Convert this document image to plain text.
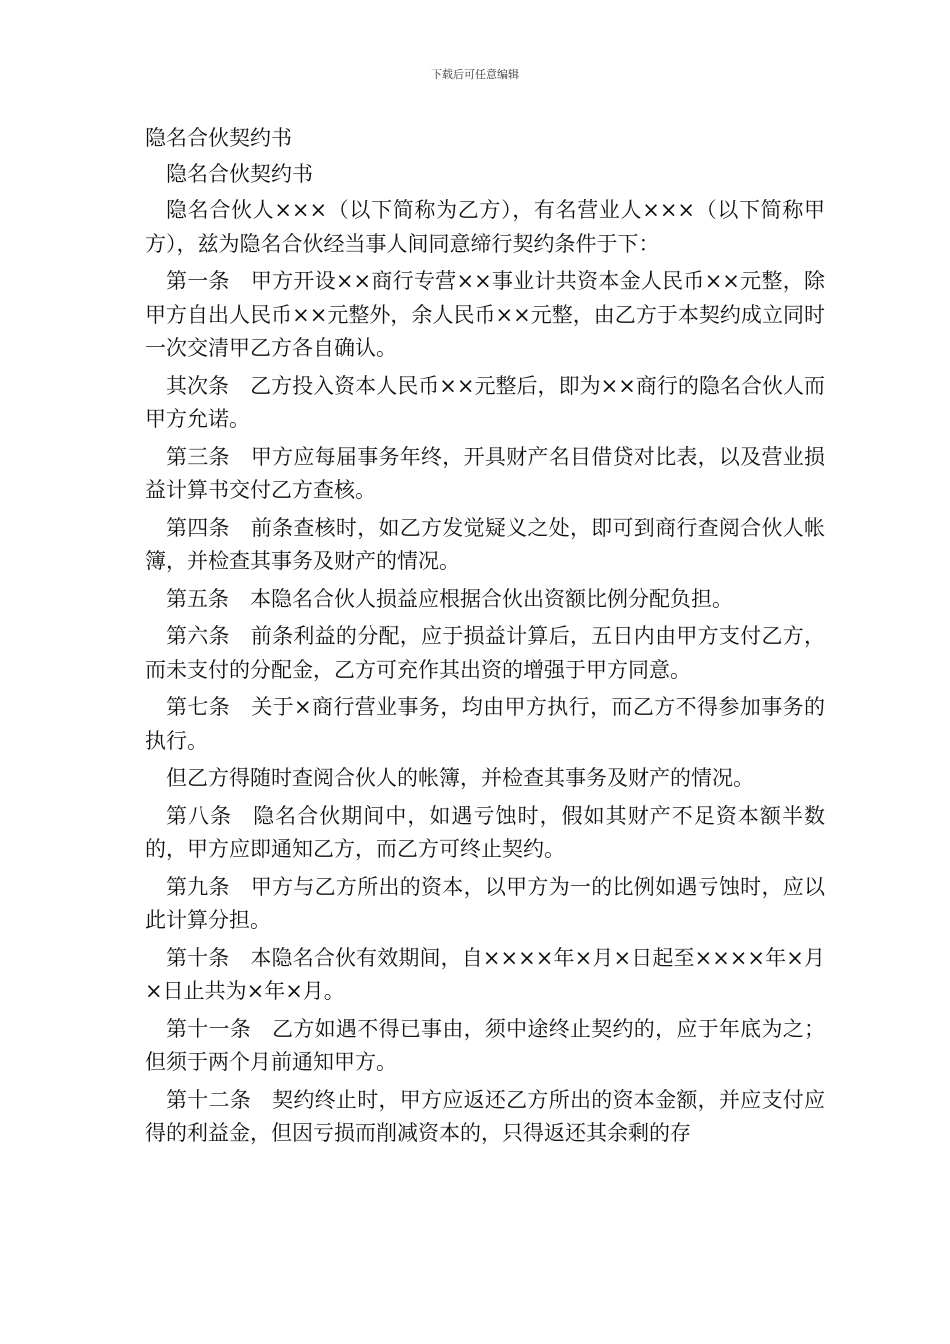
下载后可任意编辑
隐名合伙契约书
隐名合伙契约书

隐名合伙人×××（以下简称为乙方），有名营业人×××（以下简称甲方），兹为隐名合伙经当事人间同意缔行契约条件于下：

第一条 甲方开设××商行专营××事业计共资本金人民币××元整，除甲方自出人民币××元整外，余人民币××元整，由乙方于本契约成立同时一次交清甲乙方各自确认。

其次条 乙方投入资本人民币××元整后，即为××商行的隐名合伙人而甲方允诺。

第三条 甲方应每届事务年终，开具财产名目借贷对比表，以及营业损益计算书交付乙方查核。

第四条 前条查核时，如乙方发觉疑义之处，即可到商行查阅合伙人帐簿，并检查其事务及财产的情况。

第五条 本隐名合伙人损益应根据合伙出资额比例分配负担。

第六条 前条利益的分配，应于损益计算后，五日内由甲方支付乙方，而未支付的分配金，乙方可充作其出资的增强于甲方同意。

第七条 关于×商行营业事务，均由甲方执行，而乙方不得参加事务的执行。

但乙方得随时查阅合伙人的帐簿，并检查其事务及财产的情况。

第八条 隐名合伙期间中，如遇亏蚀时，假如其财产不足资本额半数的，甲方应即通知乙方，而乙方可终止契约。

第九条 甲方与乙方所出的资本，以甲方为一的比例如遇亏蚀时，应以此计算分担。

第十条 本隐名合伙有效期间，自××××年×月×日起至××××年×月×日止共为×年×月。

第十一条 乙方如遇不得已事由，须中途终止契约的，应于年底为之；但须于两个月前通知甲方。

第十二条 契约终止时，甲方应返还乙方所出的资本金额，并应支付应得的利益金，但因亏损而削减资本的，只得返还其余剩的存
